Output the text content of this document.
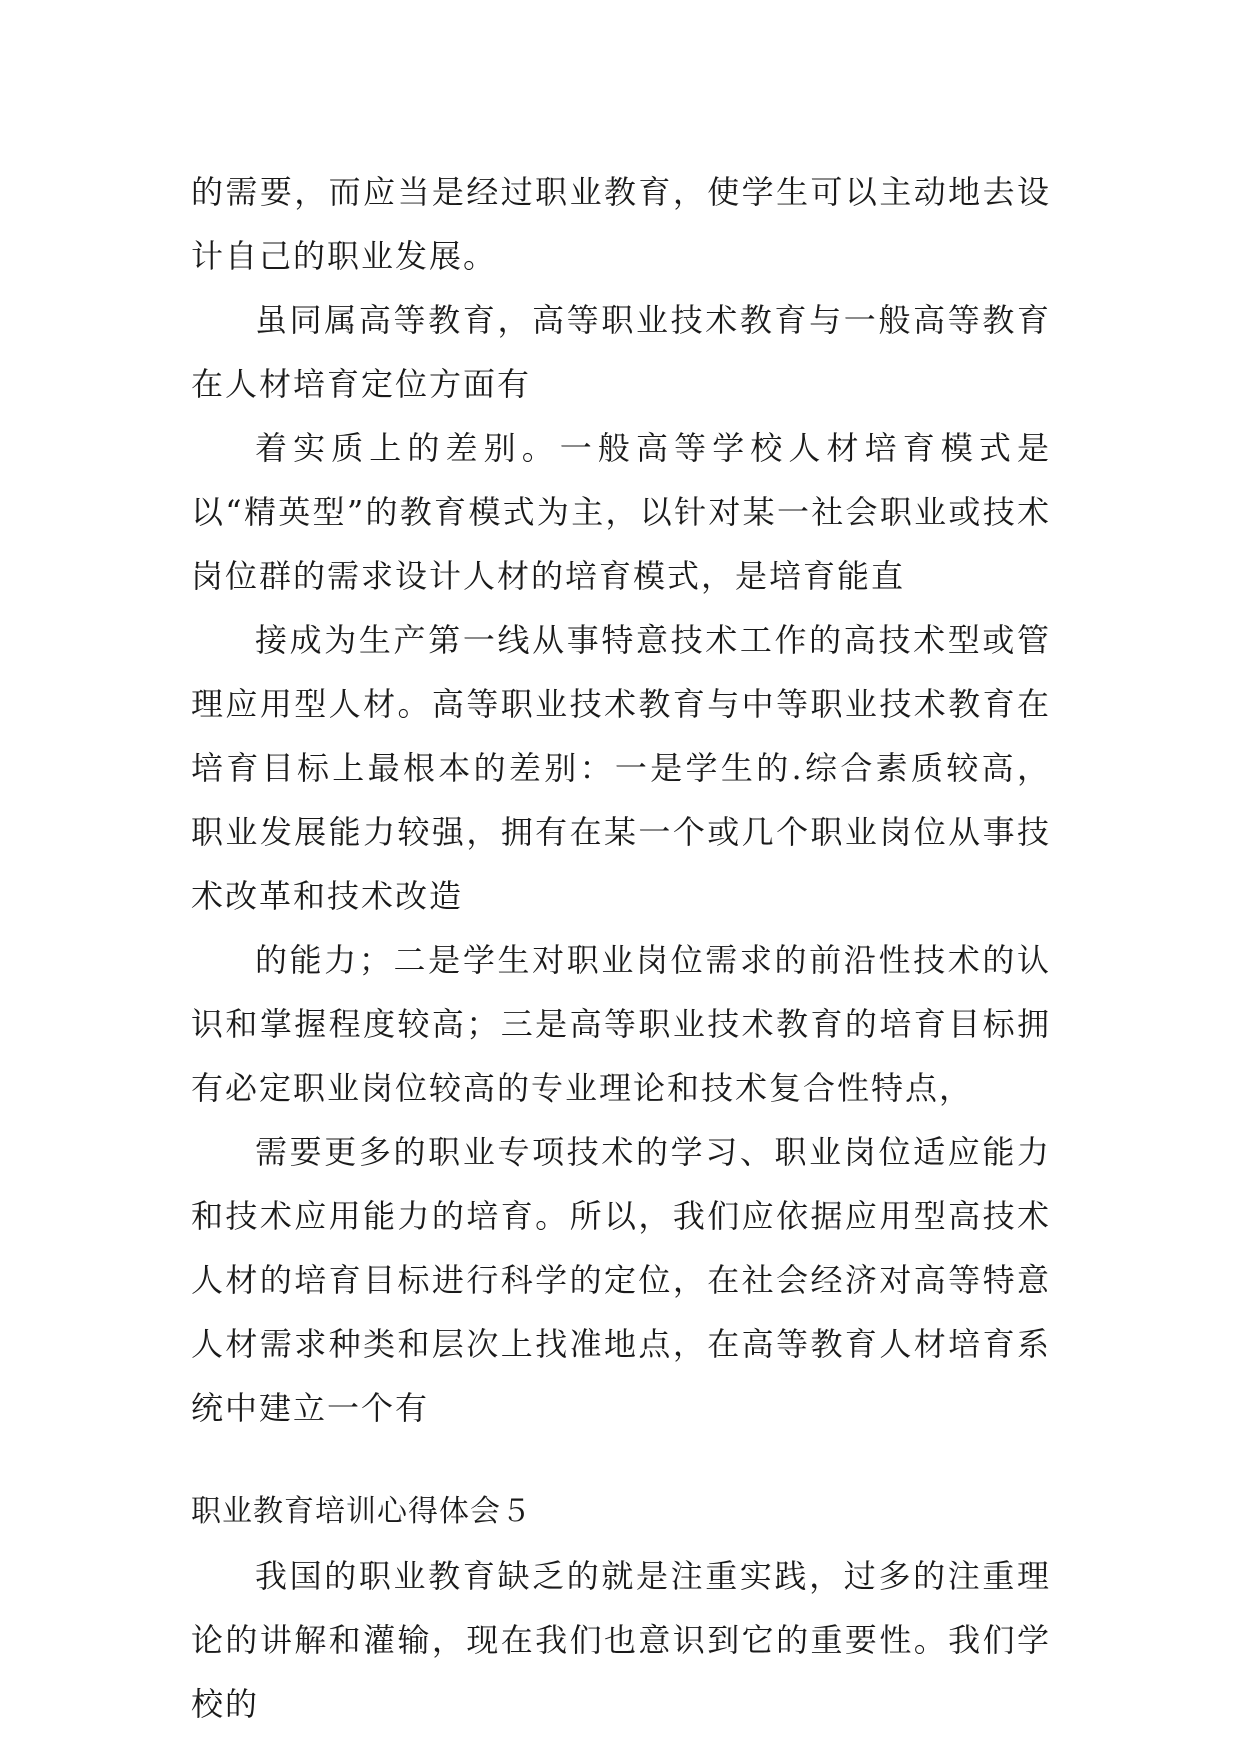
的需要，而应当是经过职业教育，使学生可以主动地去设计自己的职业发展。

虽同属高等教育，高等职业技术教育与一般高等教育在人材培育定位方面有

着实质上的差别。一般高等学校人材培育模式是以“精英型”的教育模式为主，以针对某一社会职业或技术岗位群的需求设计人材的培育模式，是培育能直

接成为生产第一线从事特意技术工作的高技术型或管理应用型人材。高等职业技术教育与中等职业技术教育在培育目标上最根本的差别：一是学生的.综合素质较高，职业发展能力较强，拥有在某一个或几个职业岗位从事技术改革和技术改造

的能力；二是学生对职业岗位需求的前沿性技术的认识和掌握程度较高；三是高等职业技术教育的培育目标拥有必定职业岗位较高的专业理论和技术复合性特点，

需要更多的职业专项技术的学习、职业岗位适应能力和技术应用能力的培育。所以，我们应依据应用型高技术人材的培育目标进行科学的定位，在社会经济对高等特意人材需求种类和层次上找准地点，在高等教育人材培育系统中建立一个有

职业教育培训心得体会５

我国的职业教育缺乏的就是注重实践，过多的注重理论的讲解和灌输，现在我们也意识到它的重要性。我们学校的
